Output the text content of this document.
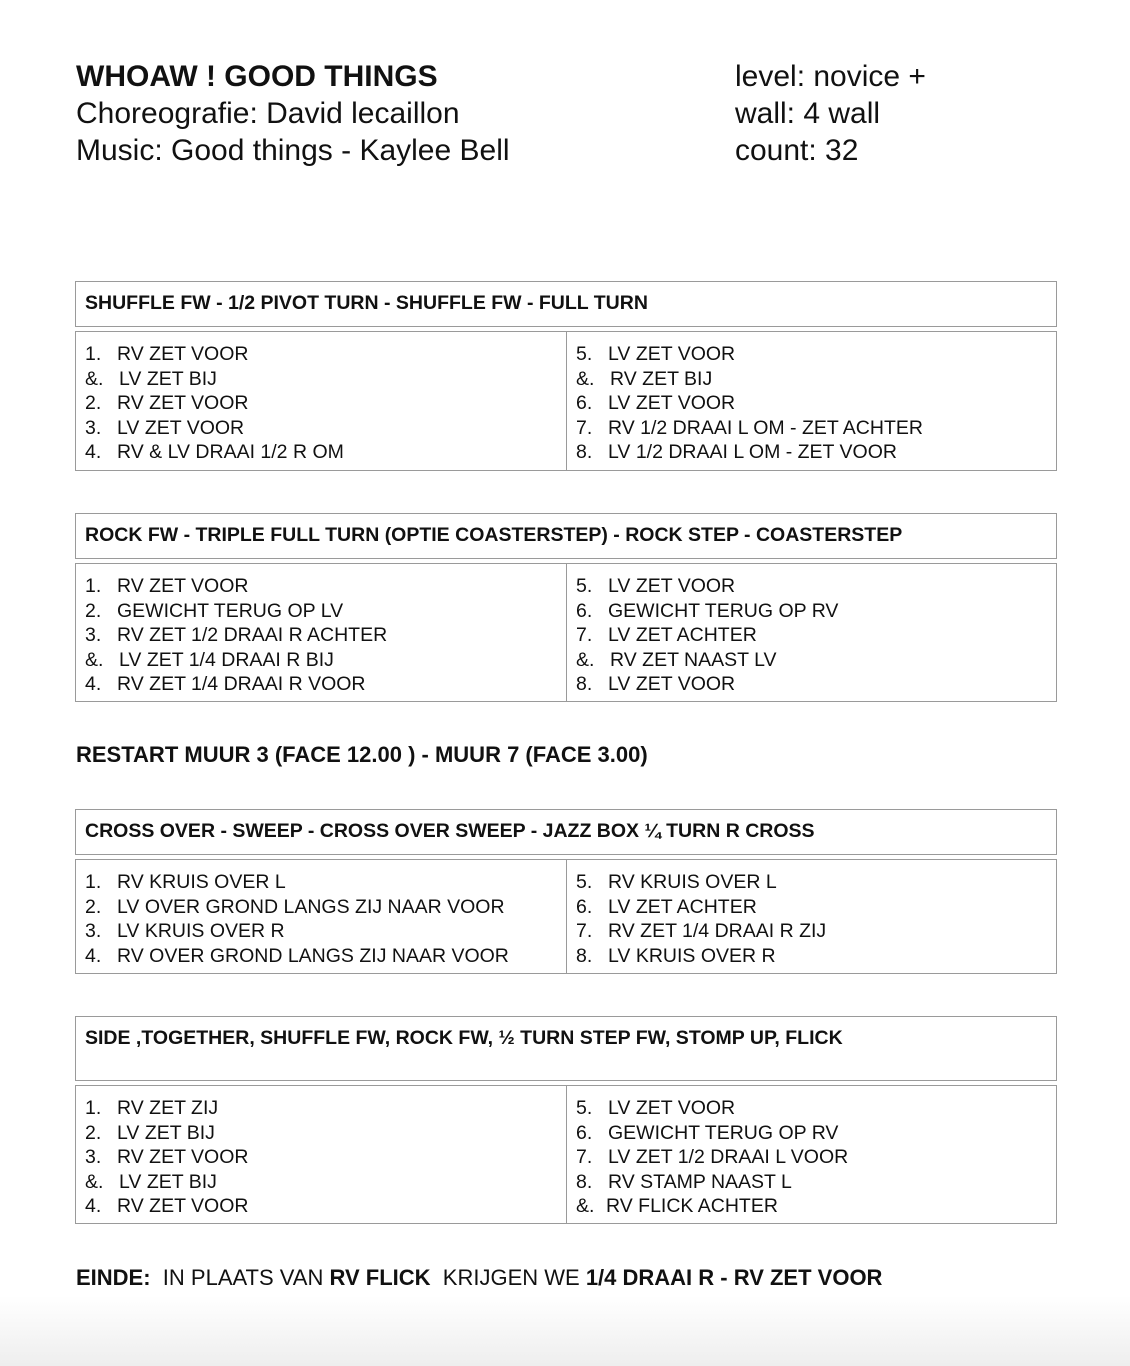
WHOAW ! GOOD THINGS
Choreografie: David lecaillon
Music: Good things - Kaylee Bell
level: novice +
wall: 4 wall
count: 32
SHUFFLE FW - 1/2 PIVOT TURN - SHUFFLE FW - FULL TURN
1. RV ZET VOOR
&. LV ZET BIJ
2. RV ZET VOOR
3. LV ZET VOOR
4. RV & LV DRAAI 1/2 R OM
5. LV ZET VOOR
&. RV ZET BIJ
6. LV ZET VOOR
7. RV 1/2 DRAAI L OM - ZET ACHTER
8. LV 1/2 DRAAI L OM - ZET VOOR
ROCK FW - TRIPLE FULL TURN (OPTIE COASTERSTEP) - ROCK STEP - COASTERSTEP
1. RV ZET VOOR
2. GEWICHT TERUG OP LV
3. RV ZET 1/2 DRAAI R ACHTER
&. LV ZET 1/4 DRAAI R BIJ
4. RV ZET 1/4 DRAAI R VOOR
5. LV ZET VOOR
6. GEWICHT TERUG OP RV
7. LV ZET ACHTER
&. RV ZET NAAST LV
8. LV ZET VOOR
RESTART MUUR 3 (FACE 12.00 ) - MUUR 7 (FACE 3.00)
CROSS OVER - SWEEP - CROSS OVER SWEEP - JAZZ BOX ¼ TURN R CROSS
1. RV KRUIS OVER L
2. LV OVER GROND LANGS ZIJ NAAR VOOR
3. LV KRUIS OVER R
4. RV OVER GROND LANGS ZIJ NAAR VOOR
5. RV KRUIS OVER L
6. LV ZET ACHTER
7. RV ZET 1/4 DRAAI R ZIJ
8. LV KRUIS OVER R
SIDE ,TOGETHER, SHUFFLE FW, ROCK FW, ½ TURN STEP FW, STOMP UP, FLICK
1. RV ZET ZIJ
2. LV ZET BIJ
3. RV ZET VOOR
&. LV ZET BIJ
4. RV ZET VOOR
5. LV ZET VOOR
6. GEWICHT TERUG OP RV
7. LV ZET 1/2 DRAAI L VOOR
8. RV STAMP NAAST L
&. RV FLICK ACHTER
EINDE: IN PLAATS VAN RV FLICK KRIJGEN WE 1/4 DRAAI R - RV ZET VOOR
